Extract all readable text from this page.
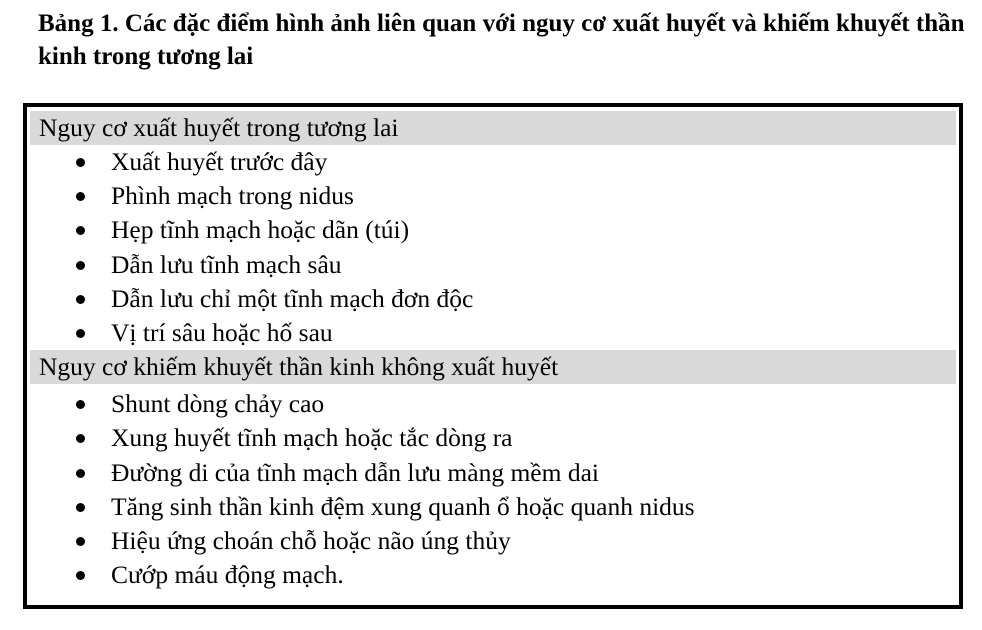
Bảng 1. Các đặc điểm hình ảnh liên quan với nguy cơ xuất huyết và khiếm khuyết thần kinh trong tương lai
Nguy cơ xuất huyết trong tương lai
Xuất huyết trước đây
Phình mạch trong nidus
Hẹp tĩnh mạch hoặc dãn (túi)
Dẫn lưu tĩnh mạch sâu
Dẫn lưu chỉ một tĩnh mạch đơn độc
Vị trí sâu hoặc hố sau
Nguy cơ khiếm khuyết thần kinh không xuất huyết
Shunt dòng chảy cao
Xung huyết tĩnh mạch hoặc tắc dòng ra
Đường di của tĩnh mạch dẫn lưu màng mềm dai
Tăng sinh thần kinh đệm xung quanh ổ hoặc quanh nidus
Hiệu ứng choán chỗ hoặc não úng thủy
Cướp máu động mạch.
